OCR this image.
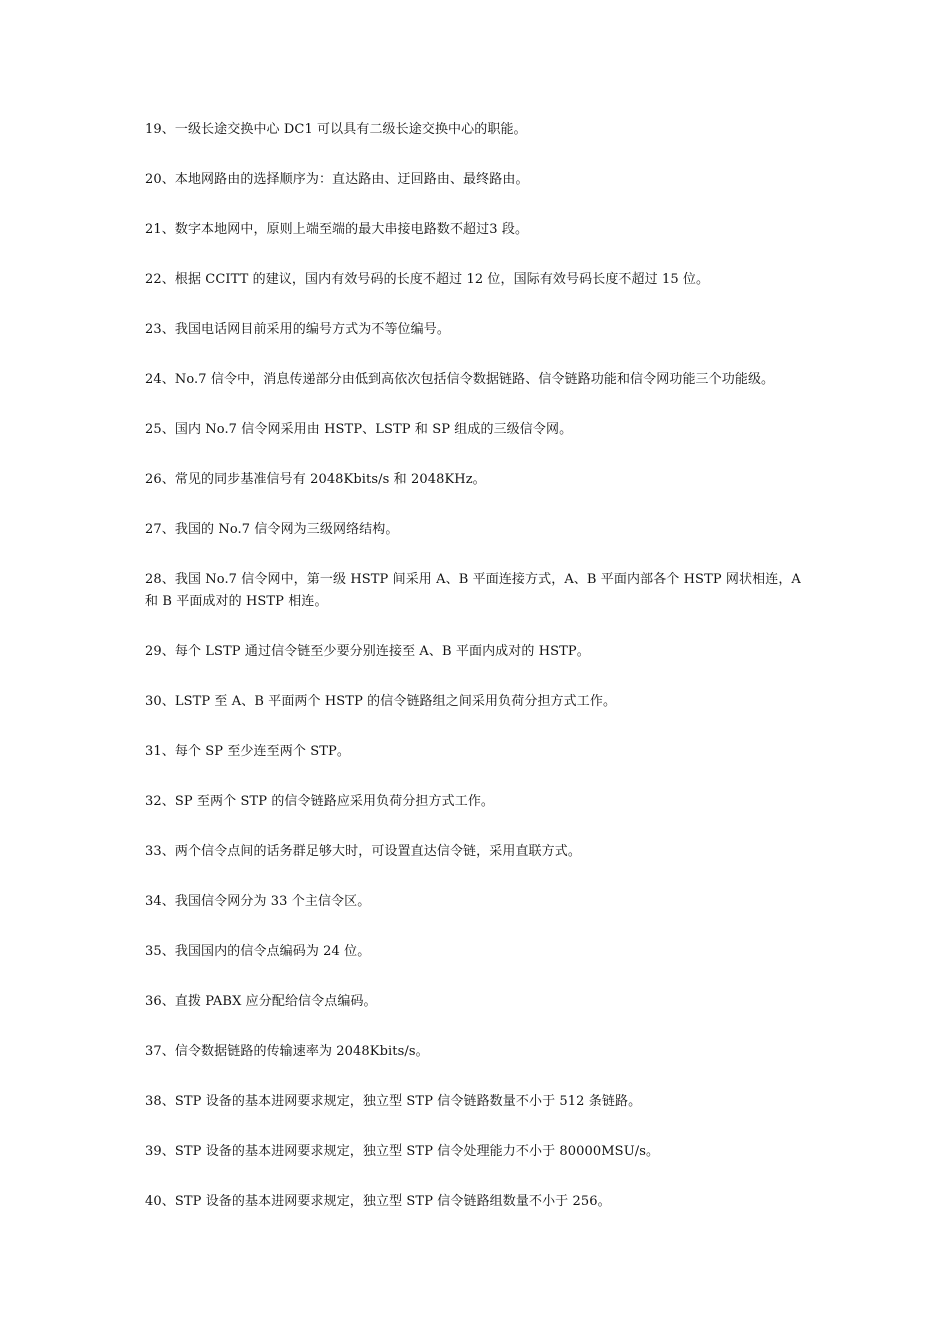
19、一级长途交换中心 DC1 可以具有二级长途交换中心的职能。

20、本地网路由的选择顺序为：直达路由、迂回路由、最终路由。

21、数字本地网中，原则上端至端的最大串接电路数不超过3 段。

22、根据 CCITT 的建议，国内有效号码的长度不超过 12 位，国际有效号码长度不超过 15 位。

23、我国电话网目前采用的编号方式为不等位编号。

24、No.7 信令中，消息传递部分由低到高依次包括信令数据链路、信令链路功能和信令网功能三个功能级。

25、国内 No.7 信令网采用由 HSTP、LSTP 和 SP 组成的三级信令网。

26、常见的同步基准信号有 2048Kbits/s 和 2048KHz。

27、我国的 No.7 信令网为三级网络结构。

28、我国 No.7 信令网中，第一级 HSTP 间采用 A、B 平面连接方式，A、B 平面内部各个 HSTP 网状相连，A 和 B 平面成对的 HSTP 相连。

29、每个 LSTP 通过信令链至少要分别连接至 A、B 平面内成对的 HSTP。

30、LSTP 至 A、B 平面两个 HSTP 的信令链路组之间采用负荷分担方式工作。

31、每个 SP 至少连至两个 STP。

32、SP 至两个 STP 的信令链路应采用负荷分担方式工作。

33、两个信令点间的话务群足够大时，可设置直达信令链，采用直联方式。

34、我国信令网分为 33 个主信令区。

35、我国国内的信令点编码为 24 位。

36、直拨 PABX 应分配给信令点编码。

37、信令数据链路的传输速率为 2048Kbits/s。

38、STP 设备的基本进网要求规定，独立型 STP 信令链路数量不小于 512 条链路。

39、STP 设备的基本进网要求规定，独立型 STP 信令处理能力不小于 80000MSU/s。

40、STP 设备的基本进网要求规定，独立型 STP 信令链路组数量不小于 256。
